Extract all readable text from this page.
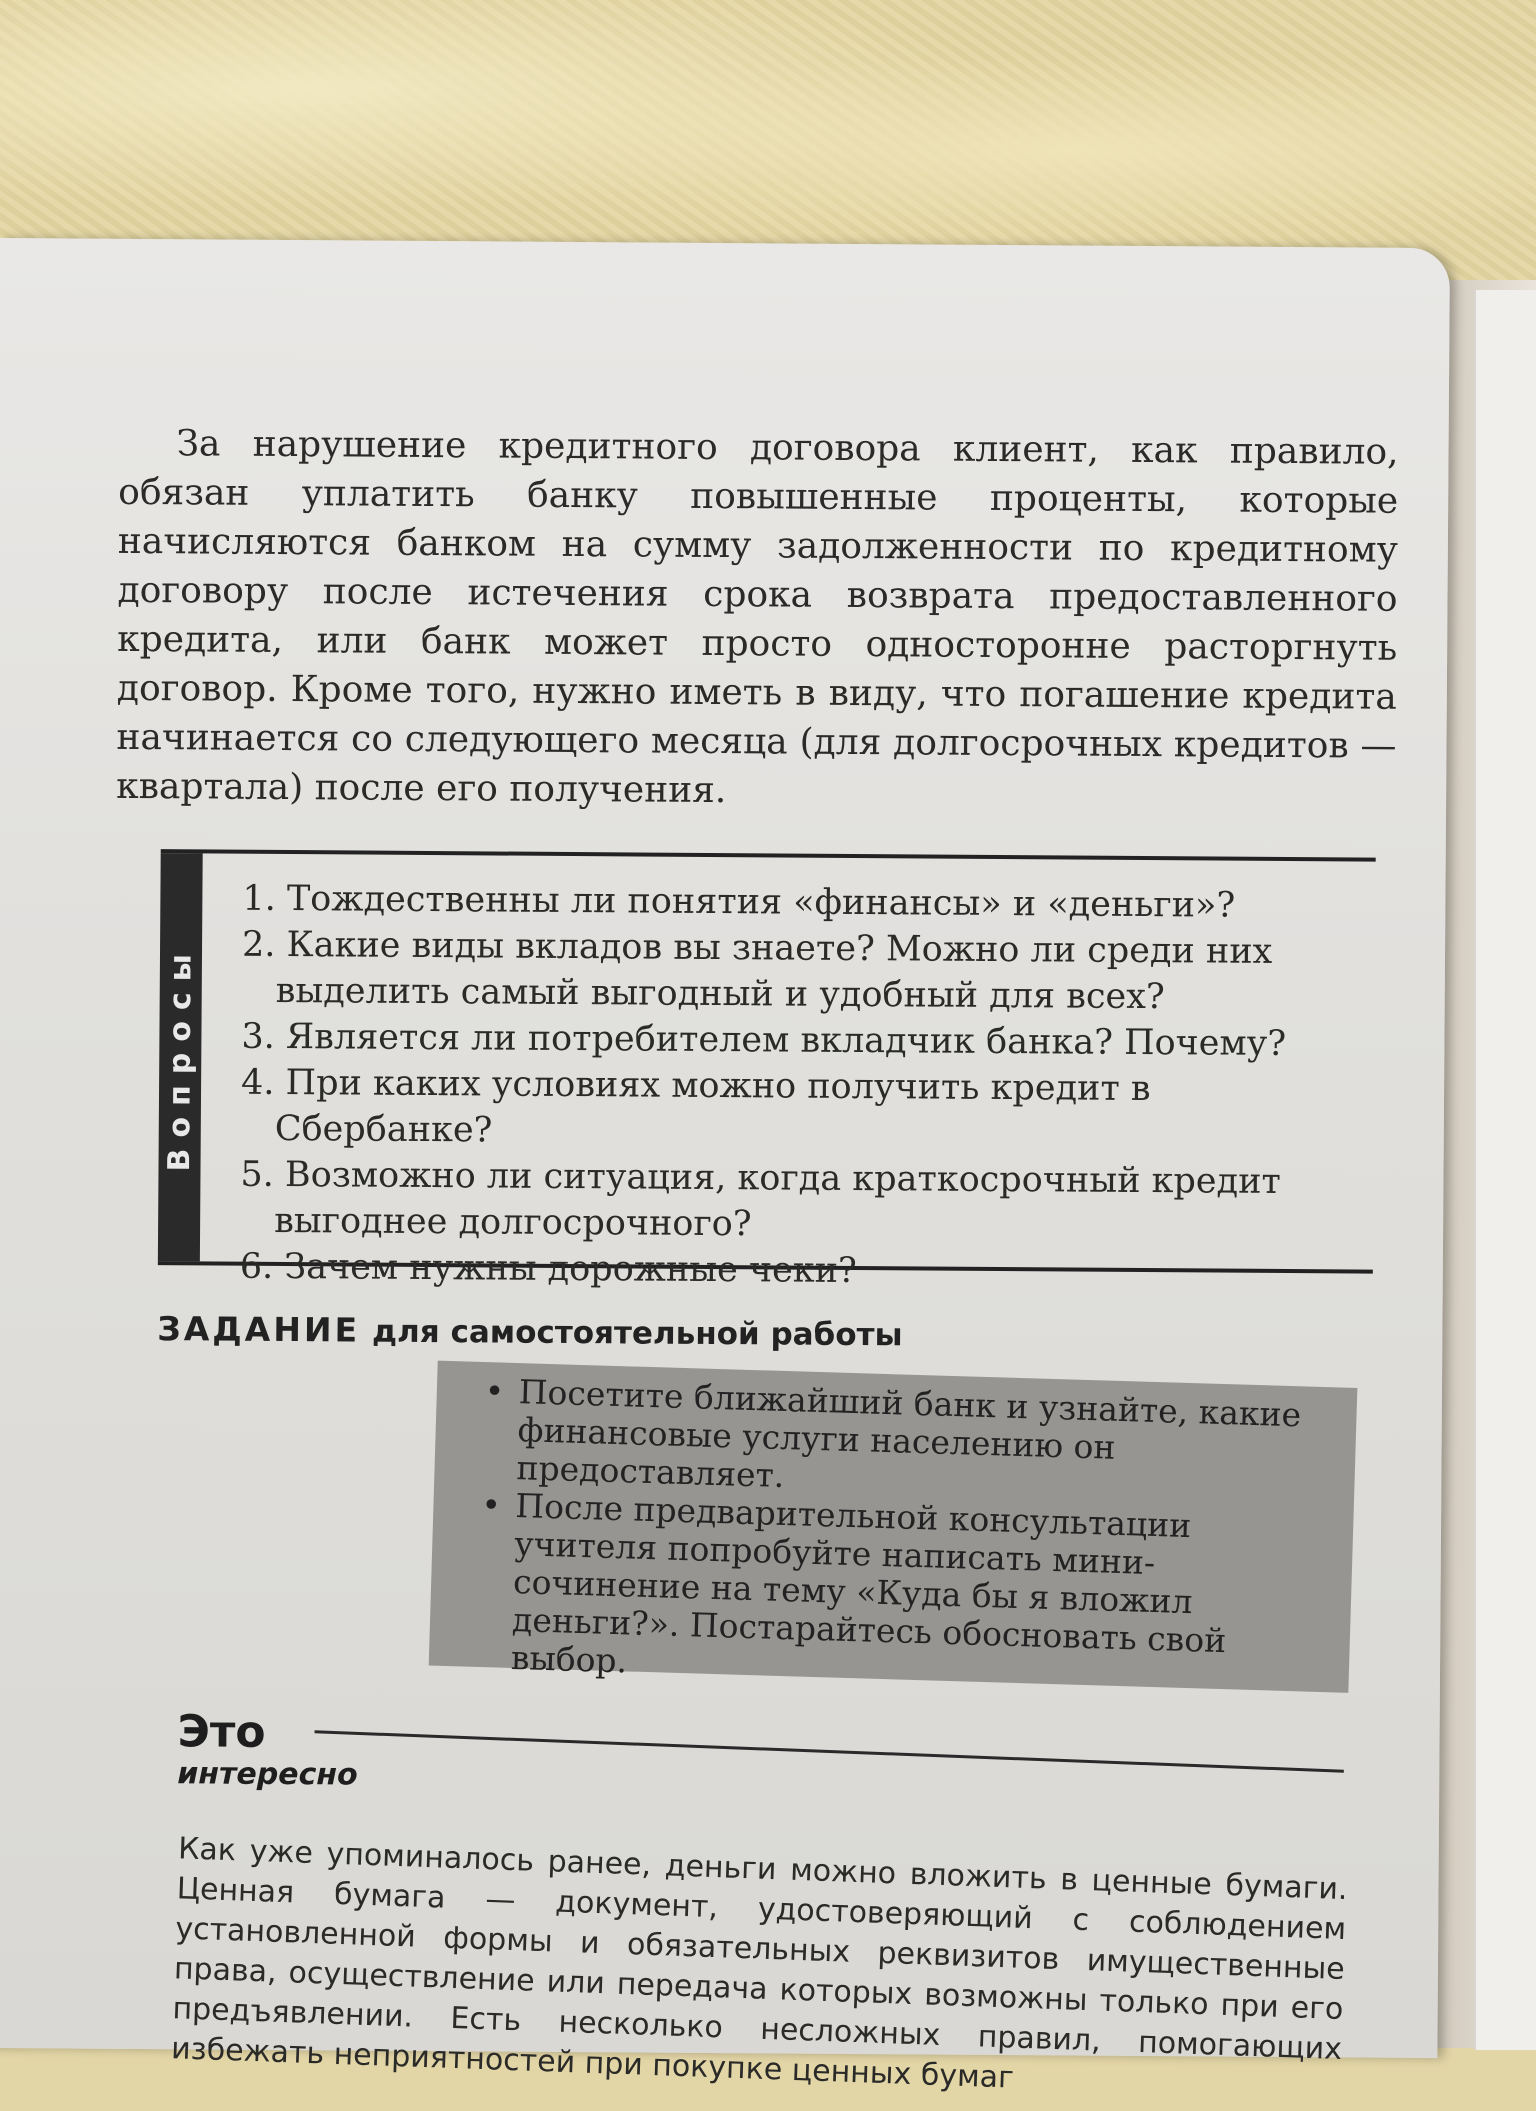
За нарушение кредитного договора клиент, как правило, обязан уплатить банку повышенные проценты, которые начисляются банком на сумму задолженности по кредитному договору после истечения срока возврата предоставленного кредита, или банк может просто одностороннe расторгнуть договор. Кроме того, нужно иметь в виду, что погашение кредита начинается со следующего месяца (для долгосрочных кредитов — квартала) после его получения.

Вопросы
1. Тождественны ли понятия «финансы» и «деньги»?
2. Какие виды вкладов вы знаете? Можно ли среди них выделить самый выгодный и удобный для всех?
3. Является ли потребителем вкладчик банка? Почему?
4. При каких условиях можно получить кредит в Сбербанке?
5. Возможно ли ситуация, когда краткосрочный кредит выгоднее долгосрочного?
6. Зачем нужны дорожные чеки?
ЗАДАНИЕ для самостоятельной работы
• Посетите ближайший банк и узнайте, какие финансовые услуги населению он предоставляет.
• После предварительной консультации учителя попробуйте написать мини-сочинение на тему «Куда бы я вложил деньги?». Постарайтесь обосновать свой выбор.
Это
интересно

Как уже упоминалось ранее, деньги можно вложить в ценные бумаги. Ценная бумага — документ, удостоверяющий с соблюдением установленной формы и обязательных реквизитов имущественные права, осуществление или передача которых возможны только при его предъявлении. Есть несколько несложных правил, помогающих избежать неприятностей при покупке ценных бумаг
